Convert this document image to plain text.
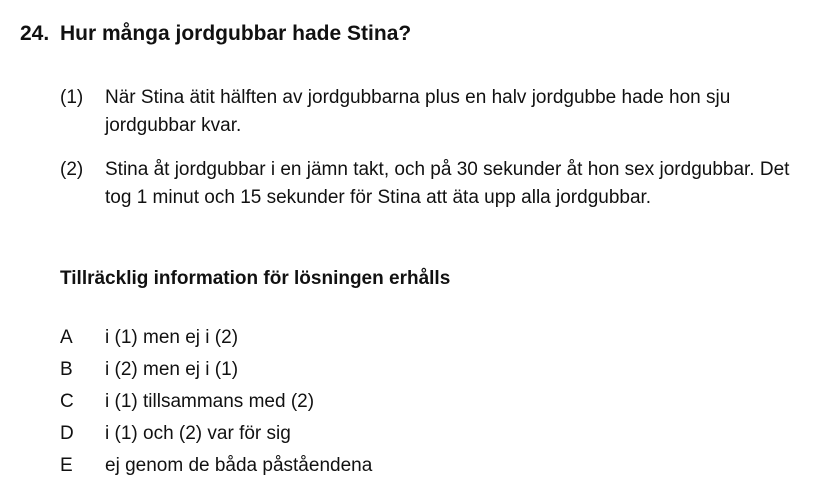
24. Hur många jordgubbar hade Stina?
(1) När Stina ätit hälften av jordgubbarna plus en halv jordgubbe hade hon sju jordgubbar kvar.
(2) Stina åt jordgubbar i en jämn takt, och på 30 sekunder åt hon sex jordgubbar. Det tog 1 minut och 15 sekunder för Stina att äta upp alla jordgubbar.
Tillräcklig information för lösningen erhålls
A i (1) men ej i (2)
B i (2) men ej i (1)
C i (1) tillsammans med (2)
D i (1) och (2) var för sig
E ej genom de båda påståendena
